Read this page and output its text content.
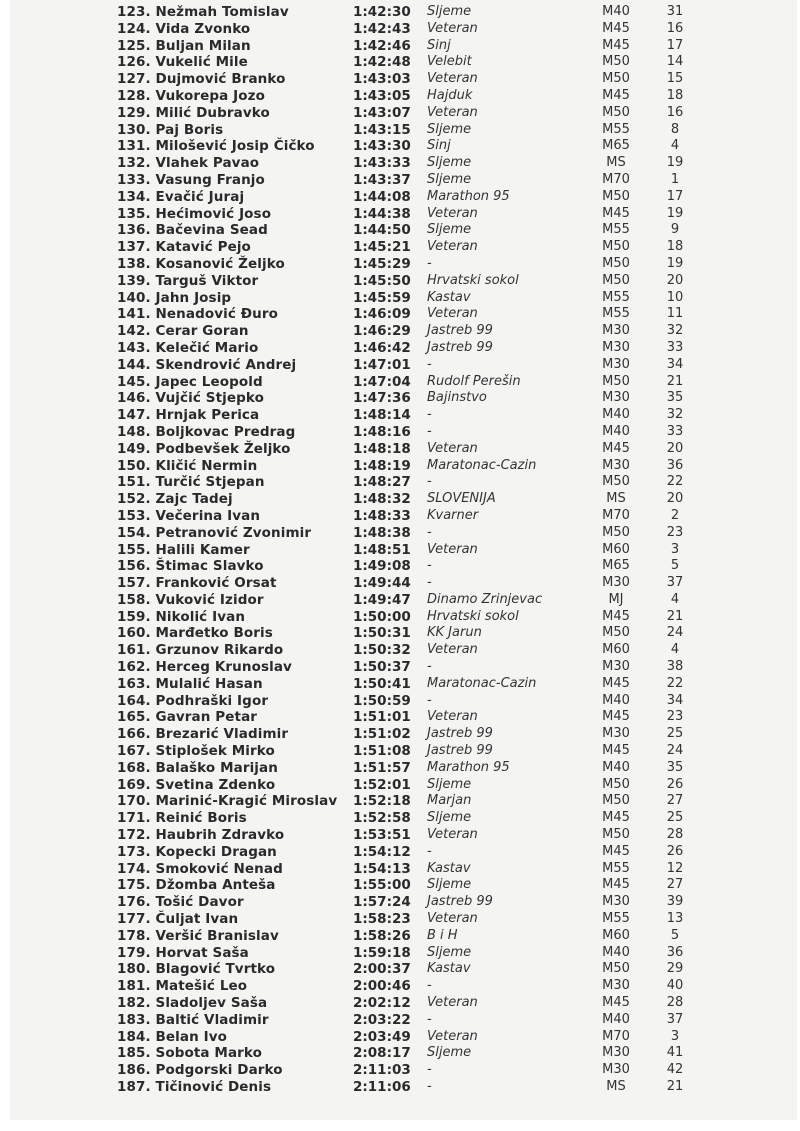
123. Nežmah Tomislav	1:42:30 Sljeme	M40	31
124. Vida Zvonko	1:42:43 Veteran	M45	16
125. Buljan Milan	1:42:46 Sinj	M45	17
126. Vukelić Mile	1:42:48 Velebit	M50	14
127. Dujmović Branko	1:43:03 Veteran	M50	15
128. Vukorepa Jozo	1:43:05 Hajduk	M45	18
129. Milić Dubravko	1:43:07 Veteran	M50	16
130. Paj Boris	1:43:15 Sljeme	M55	8
131. Milošević Josip Čičko	1:43:30 Sinj	M65	4
132. Vlahek Pavao	1:43:33 Sljeme	MS	19
133. Vasung Franjo	1:43:37 Sljeme	M70	1
134. Evačić Juraj	1:44:08 Marathon 95	M50	17
135. Hećimović Joso	1:44:38 Veteran	M45	19
136. Bačevina Sead	1:44:50 Sljeme	M55	9
137. Katavić Pejo	1:45:21 Veteran	M50	18
138. Kosanović Željko	1:45:29 -	M50	19
139. Targuš Viktor	1:45:50 Hrvatski sokol	M50	20
140. Jahn Josip	1:45:59 Kastav	M55	10
141. Nenadović Đuro	1:46:09 Veteran	M55	11
142. Cerar Goran	1:46:29 Jastreb 99	M30	32
143. Kelečić Mario	1:46:42 Jastreb 99	M30	33
144. Skendrović Andrej	1:47:01 -	M30	34
145. Japec Leopold	1:47:04 Rudolf Perešin	M50	21
146. Vujčić Stjepko	1:47:36 Bajinstvo	M30	35
147. Hrnjak Perica	1:48:14 -	M40	32
148. Boljkovac Predrag	1:48:16 -	M40	33
149. Podbevšek Željko	1:48:18 Veteran	M45	20
150. Kličić Nermin	1:48:19 Maratonac-Cazin	M30	36
151. Turčić Stjepan	1:48:27 -	M50	22
152. Zajc Tadej	1:48:32 SLOVENIJA	MS	20
153. Večerina Ivan	1:48:33 Kvarner	M70	2
154. Petranović Zvonimir	1:48:38 -	M50	23
155. Halili Kamer	1:48:51 Veteran	M60	3
156. Štimac Slavko	1:49:08 -	M65	5
157. Franković Orsat	1:49:44 -	M30	37
158. Vuković Izidor	1:49:47 Dinamo Zrinjevac	MJ	4
159. Nikolić Ivan	1:50:00 Hrvatski sokol	M45	21
160. Marđetko Boris	1:50:31 KK Jarun	M50	24
161. Grzunov Rikardo	1:50:32 Veteran	M60	4
162. Herceg Krunoslav	1:50:37 -	M30	38
163. Mulalić Hasan	1:50:41 Maratonac-Cazin	M45	22
164. Podhraški Igor	1:50:59 -	M40	34
165. Gavran Petar	1:51:01 Veteran	M45	23
166. Brezarić Vladimir	1:51:02 Jastreb 99	M30	25
167. Stiplošek Mirko	1:51:08 Jastreb 99	M45	24
168. Balaško Marijan	1:51:57 Marathon 95	M40	35
169. Svetina Zdenko	1:52:01 Sljeme	M50	26
170. Marinić-Kragić Miroslav 1:52:18 Marjan	M50	27
171. Reinić Boris	1:52:58 Sljeme	M45	25
172. Haubrih Zdravko	1:53:51 Veteran	M50	28
173. Kopecki Dragan	1:54:12 -	M45	26
174. Smoković Nenad	1:54:13 Kastav	M55	12
175. Džomba Anteša	1:55:00 Sljeme	M45	27
176. Tošić Davor	1:57:24 Jastreb 99	M30	39
177. Čuljat Ivan	1:58:23 Veteran	M55	13
178. Veršić Branislav	1:58:26 B i H	M60	5
179. Horvat Saša	1:59:18 Sljeme	M40	36
180. Blagović Tvrtko	2:00:37 Kastav	M50	29
181. Matešić Leo	2:00:46 -	M30	40
182. Sladoljev Saša	2:02:12 Veteran	M45	28
183. Baltić Vladimir	2:03:22 -	M40	37
184. Belan Ivo	2:03:49 Veteran	M70	3
185. Sobota Marko	2:08:17 Sljeme	M30	41
186. Podgorski Darko	2:11:03 -	M30	42
187. Tičinović Denis	2:11:06 -	MS	21
